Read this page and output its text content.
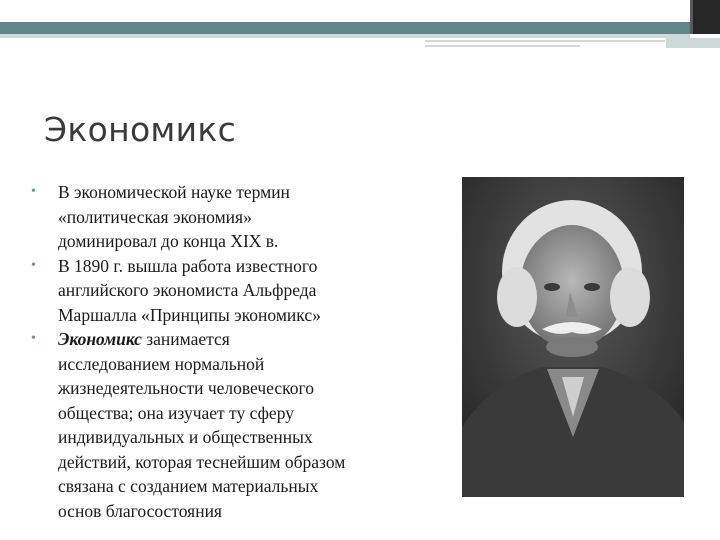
Экономикс
• В экономической науке термин
«политическая экономия»
доминировал до конца XIX в.
• В 1890 г. вышла работа известного
английского экономиста Альфреда
Маршалла «Принципы экономикс»
• Экономикс занимается
исследованием нормальной
жизнедеятельности человеческого
общества; она изучает ту сферу
индивидуальных и общественных
действий, которая теснейшим образом
связана с созданием материальных
основ благосостояния
